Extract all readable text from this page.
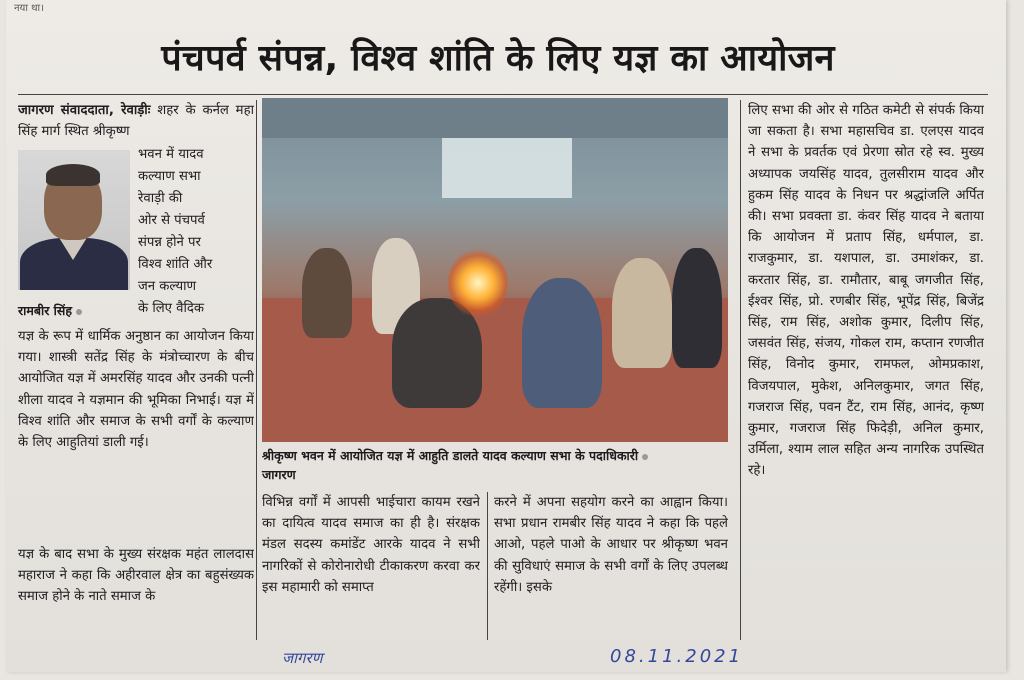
नया था।
पंचपर्व संपन्न, विश्व शांति के लिए यज्ञ का आयोजन

जागरण संवाददाता, रेवाड़ीः शहर के कर्नल महा सिंह मार्ग स्थित श्रीकृष्ण

रामबीर सिंह

भवन में यादव

कल्याण सभा

रेवाड़ी की

ओर से पंचपर्व

संपन्न होने पर

विश्व शांति और

जन कल्याण

के लिए वैदिक

यज्ञ के रूप में धार्मिक अनुष्ठान का आयोजन किया गया। शास्त्री सतेंद्र सिंह के मंत्रोच्चारण के बीच आयोजित यज्ञ में अमरसिंह यादव और उनकी पत्नी शीला यादव ने यज्ञमान की भूमिका निभाई। यज्ञ में विश्व शांति और समाज के सभी वर्गों के कल्याण के लिए आहुतियां डाली गई।

यज्ञ के बाद सभा के मुख्य संरक्षक महंत लालदास महाराज ने कहा कि अहीरवाल क्षेत्र का बहुसंख्यक समाज होने के नाते समाज के

श्रीकृष्ण भवन में आयोजित यज्ञ में आहुति डालते यादव कल्याण सभा के पदाधिकारी
जागरण

विभिन्न वर्गों में आपसी भाईचारा कायम रखने का दायित्व यादव समाज का ही है। संरक्षक मंडल सदस्य कमांडेंट आरके यादव ने सभी नागरिकों से कोरोनारोधी टीकाकरण करवा कर इस महामारी को समाप्त

करने में अपना सहयोग करने का आह्वान किया। सभा प्रधान रामबीर सिंह यादव ने कहा कि पहले आओ, पहले पाओ के आधार पर श्रीकृष्ण भवन की सुविधाएं समाज के सभी वर्गों के लिए उपलब्ध रहेंगी। इसके

लिए सभा की ओर से गठित कमेटी से संपर्क किया जा सकता है। सभा महासचिव डा. एलएस यादव ने सभा के प्रवर्तक एवं प्रेरणा स्रोत रहे स्व. मुख्य अध्यापक जयसिंह यादव, तुलसीराम यादव और हुकम सिंह यादव के निधन पर श्रद्धांजलि अर्पित की। सभा प्रवक्ता डा. कंवर सिंह यादव ने बताया कि आयोजन में प्रताप सिंह, धर्मपाल, डा. राजकुमार, डा. यशपाल, डा. उमाशंकर, डा. करतार सिंह, डा. रामौतार, बाबू जगजीत सिंह, ईश्वर सिंह, प्रो. रणबीर सिंह, भूपेंद्र सिंह, बिजेंद्र सिंह, राम सिंह, अशोक कुमार, दिलीप सिंह, जसवंत सिंह, संजय, गोकल राम, कप्तान रणजीत सिंह, विनोद कुमार, रामफल, ओमप्रकाश, विजयपाल, मुकेश, अनिलकुमार, जगत सिंह, गजराज सिंह, पवन टैंट, राम सिंह, आनंद, कृष्ण कुमार, गजराज सिंह फिदेड़ी, अनिल कुमार, उर्मिला, श्याम लाल सहित अन्य नागरिक उपस्थित रहे।

जागरण	08.11.2021
